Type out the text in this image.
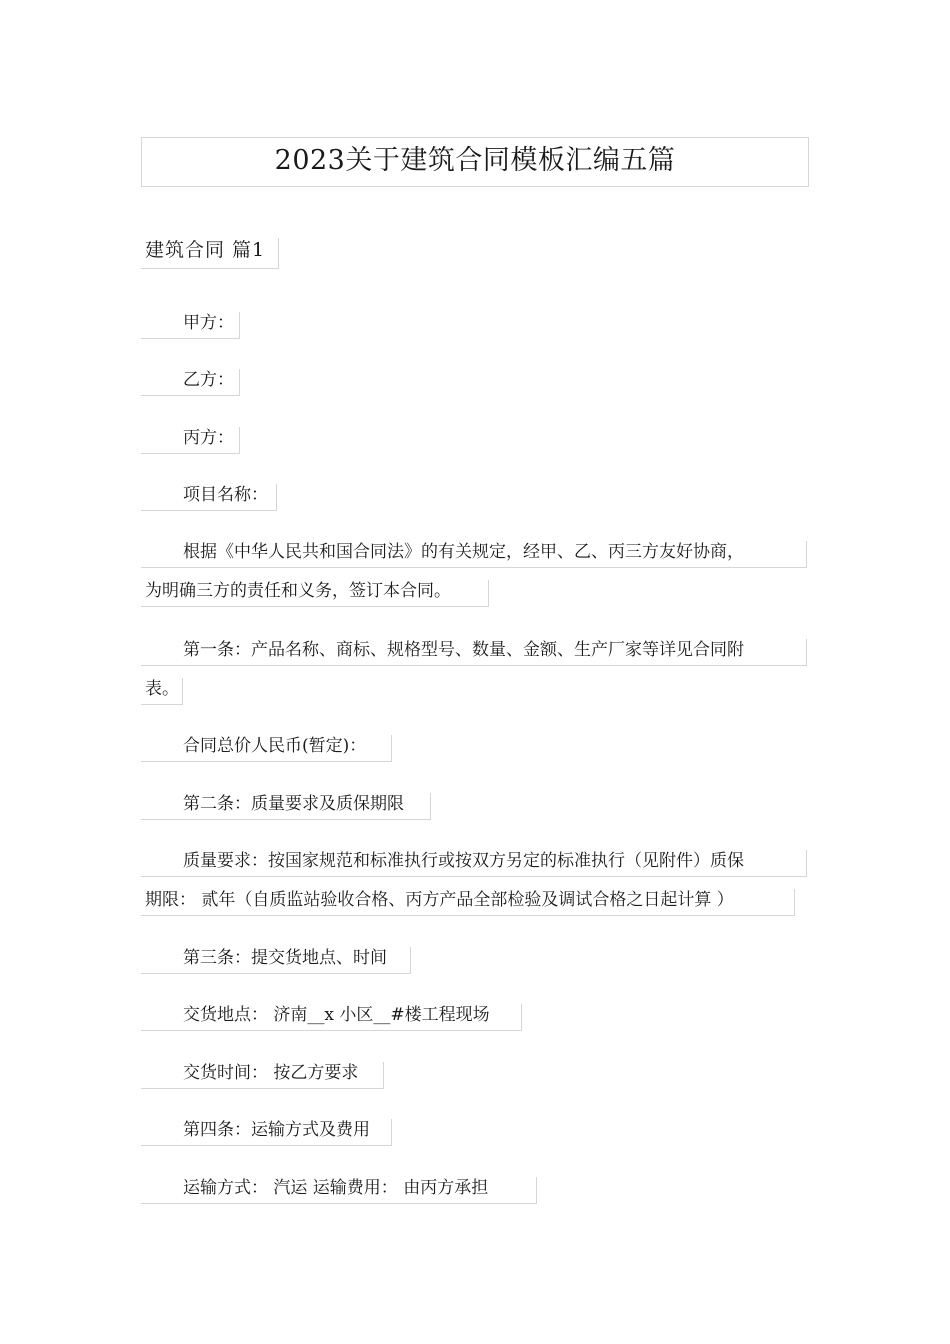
2023关于建筑合同模板汇编五篇
建筑合同 篇1
甲方：
乙方：
丙方：
项目名称：
根据《中华人民共和国合同法》的有关规定，经甲、乙、丙三方友好协商，
为明确三方的责任和义务，签订本合同。
第一条：产品名称、商标、规格型号、数量、金额、生产厂家等详见合同附
表。
合同总价人民币(暂定)：
第二条：质量要求及质保期限
质量要求：按国家规范和标准执行或按双方另定的标准执行（见附件）质保
期限： 贰年（自质监站验收合格、丙方产品全部检验及调试合格之日起计算 ）
第三条：提交货地点、时间
交货地点： 济南__x 小区__#楼工程现场
交货时间： 按乙方要求
第四条：运输方式及费用
运输方式： 汽运 运输费用： 由丙方承担
